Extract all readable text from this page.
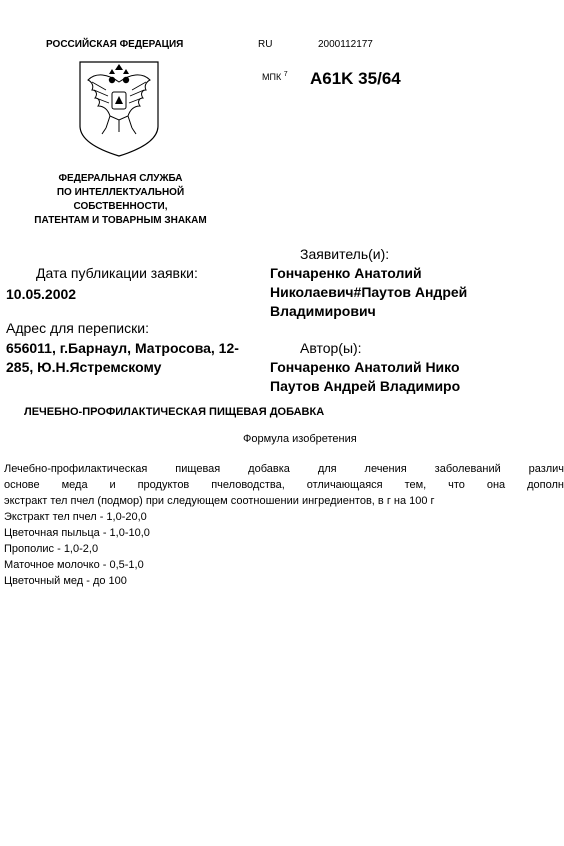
РОССИЙСКАЯ ФЕДЕРАЦИЯ	RU	2000112177
МПК $^7$ A61K 35/64
ФЕДЕРАЛЬНАЯ СЛУЖБА
ПО ИНТЕЛЛЕКТУАЛЬНОЙ
СОБСТВЕННОСТИ,
ПАТЕНТАМ И ТОВАРНЫМ ЗНАКАМ
Заявитель(и):
Гончаренко Анатолий
Николаевич#Паутов Андрей
Владимирович
Дата публикации заявки:
10.05.2002
Адрес для переписки:
656011, г.Барнаул, Матросова, 12-285, Ю.Н.Ястремскому
Автор(ы):
Гончаренко Анатолий Нико
Паутов Андрей Владимиро
ЛЕЧЕБНО-ПРОФИЛАКТИЧЕСКАЯ ПИЩЕВАЯ ДОБАВКА
Формула изобретения
Лечебно-профилактическая пищевая добавка для лечения заболеваний различ
основе меда и продуктов пчеловодства, отличающаяся тем, что она дополн
экстракт тел пчел (подмор) при следующем соотношении ингредиентов, в г на 100 г
Экстракт тел пчел - 1,0-20,0
Цветочная пыльца - 1,0-10,0
Прополис - 1,0-2,0
Маточное молочко - 0,5-1,0
Цветочный мед - до 100
